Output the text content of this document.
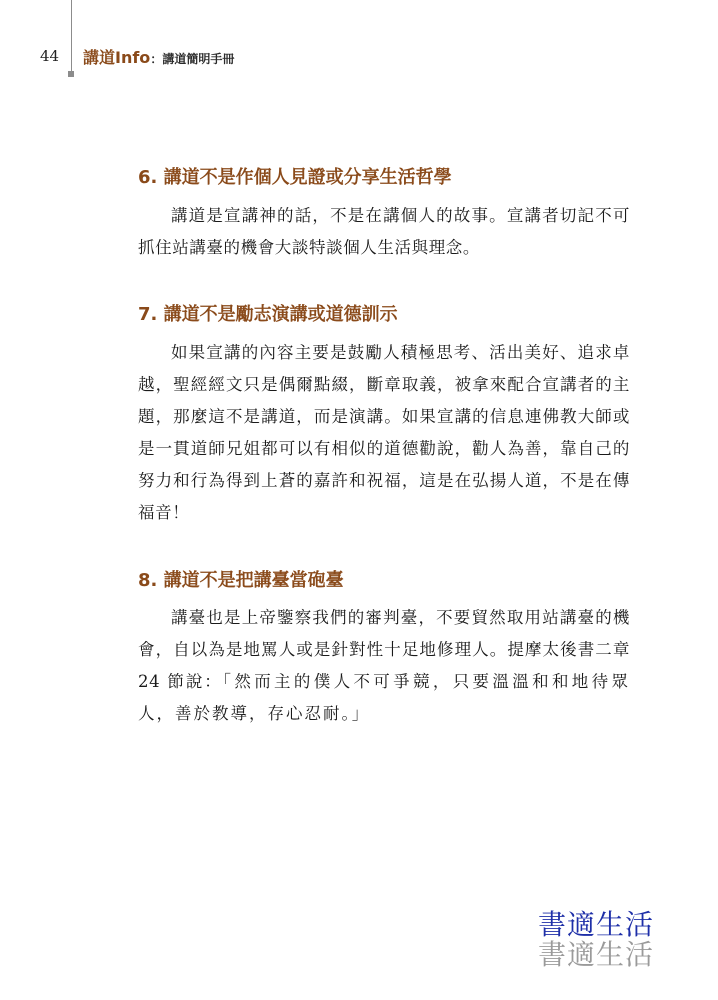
44 講道Info：講道簡明手冊
6. 講道不是作個人見證或分享生活哲學

講道是宣講神的話，不是在講個人的故事。宣講者切記不可抓住站講臺的機會大談特談個人生活與理念。

7. 講道不是勵志演講或道德訓示

如果宣講的內容主要是鼓勵人積極思考、活出美好、追求卓越，聖經經文只是偶爾點綴，斷章取義，被拿來配合宣講者的主題，那麼這不是講道，而是演講。如果宣講的信息連佛教大師或是一貫道師兄姐都可以有相似的道德勸說，勸人為善，靠自己的努力和行為得到上蒼的嘉許和祝福，這是在弘揚人道，不是在傳福音！

8. 講道不是把講臺當砲臺

講臺也是上帝鑒察我們的審判臺，不要貿然取用站講臺的機會，自以為是地罵人或是針對性十足地修理人。提摩太後書二章 24 節說：「然而主的僕人不可爭競，只要溫溫和和地待眾人，善於教導，存心忍耐。」

書適生活
書適生活
